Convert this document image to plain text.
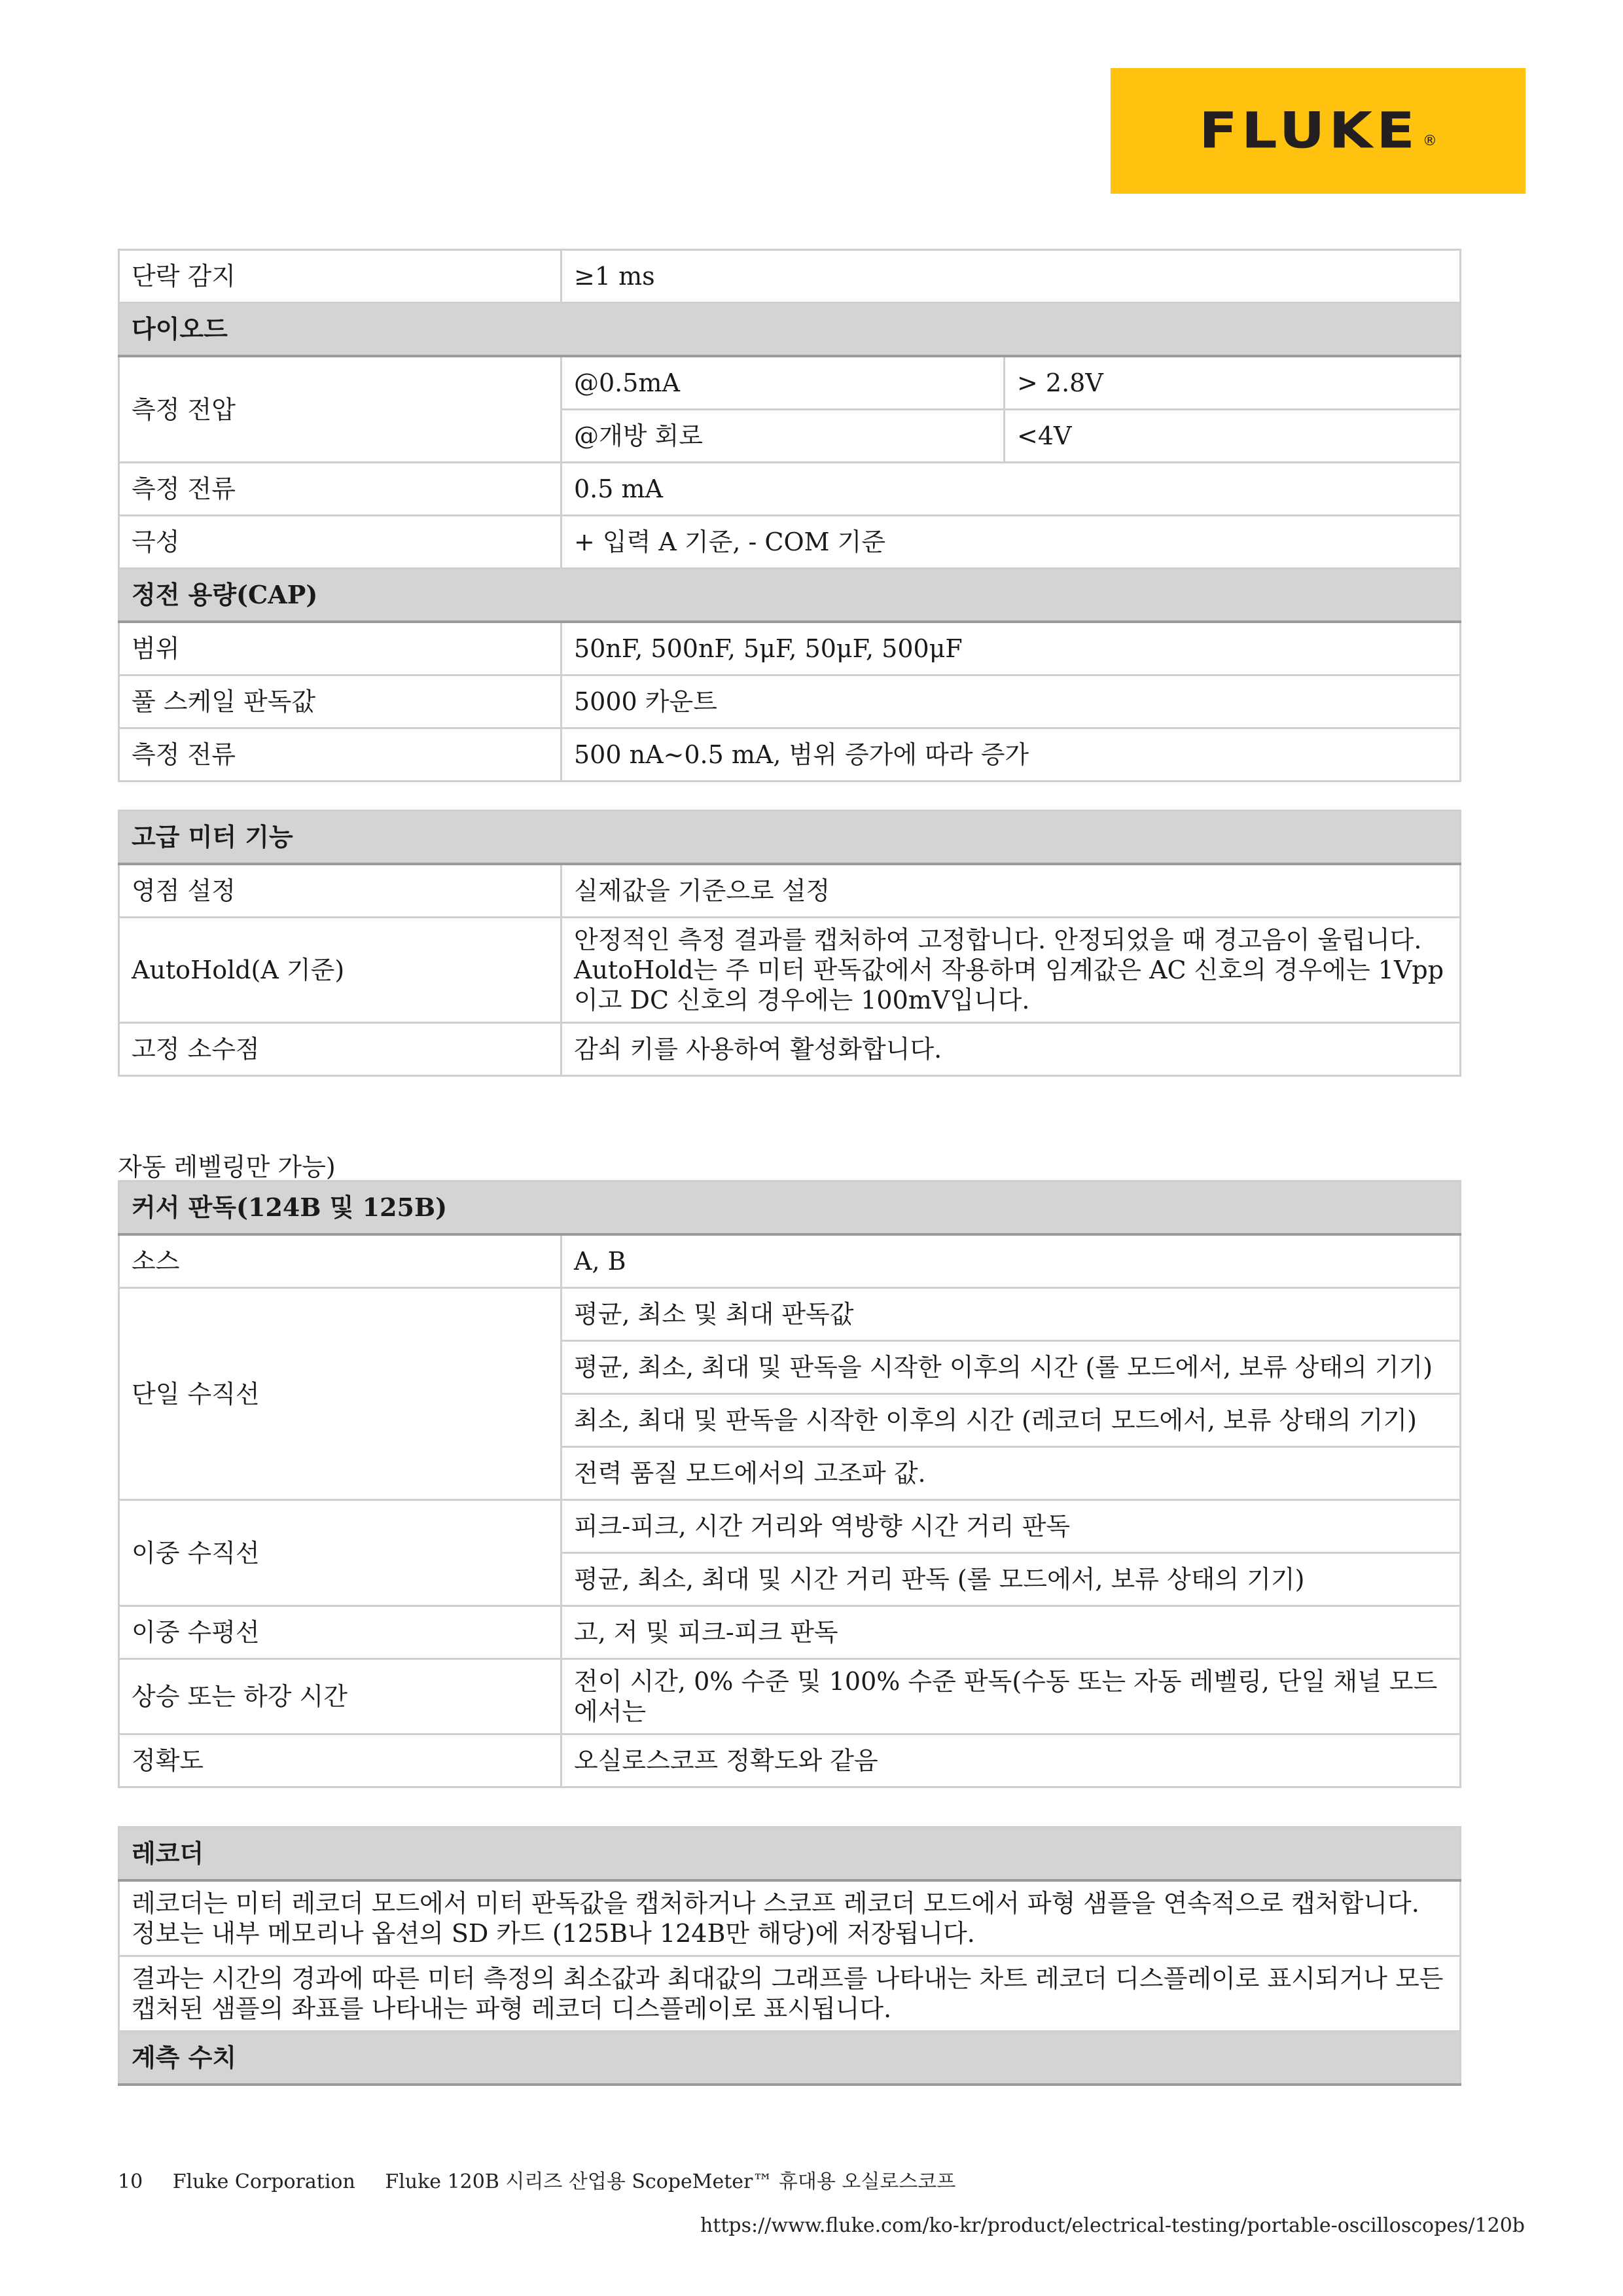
FLUKE ®
단락 감지	≥1 ms	
다이오드		
측정 전압	@0.5mA	> 2.8V
	@개방 회로	<4V
측정 전류	0.5 mA	
극성	+ 입력 A 기준, - COM 기준	
정전 용량(CAP)		
범위	50nF, 500nF, 5μF, 50μF, 500μF	
풀 스케일 판독값	5000 카운트	
측정 전류	500 nA~0.5 mA, 범위 증가에 따라 증가	
고급 미터 기능	
영점 설정	실제값을 기준으로 설정
AutoHold(A 기준)	안정적인 측정 결과를 캡처하여 고정합니다. 안정되었을 때 경고음이 울립니다. AutoHold는 주 미터 판독값에서 작용하며 임계값은 AC 신호의 경우에는 1Vpp이고 DC 신호의 경우에는 100mV입니다.
고정 소수점	감쇠 키를 사용하여 활성화합니다.
자동 레벨링만 가능)
커서 판독(124B 및 125B)	
소스	A, B
단일 수직선	평균, 최소 및 최대 판독값
	평균, 최소, 최대 및 판독을 시작한 이후의 시간 (롤 모드에서, 보류 상태의 기기)
	최소, 최대 및 판독을 시작한 이후의 시간 (레코더 모드에서, 보류 상태의 기기)
	전력 품질 모드에서의 고조파 값.
이중 수직선	피크-피크, 시간 거리와 역방향 시간 거리 판독
	평균, 최소, 최대 및 시간 거리 판독 (롤 모드에서, 보류 상태의 기기)
이중 수평선	고, 저 및 피크-피크 판독
상승 또는 하강 시간	전이 시간, 0% 수준 및 100% 수준 판독(수동 또는 자동 레벨링, 단일 채널 모드에서는
정확도	오실로스코프 정확도와 같음
레코더
레코더는 미터 레코더 모드에서 미터 판독값을 캡처하거나 스코프 레코더 모드에서 파형 샘플을 연속적으로 캡처합니다. 정보는 내부 메모리나 옵션의 SD 카드 (125B나 124B만 해당)에 저장됩니다.
결과는 시간의 경과에 따른 미터 측정의 최소값과 최대값의 그래프를 나타내는 차트 레코더 디스플레이로 표시되거나 모든 캡처된 샘플의 좌표를 나타내는 파형 레코더 디스플레이로 표시됩니다.
계측 수치
10 Fluke Corporation Fluke 120B 시리즈 산업용 ScopeMeter™ 휴대용 오실로스코프
https://www.fluke.com/ko-kr/product/electrical-testing/portable-oscilloscopes/120b
